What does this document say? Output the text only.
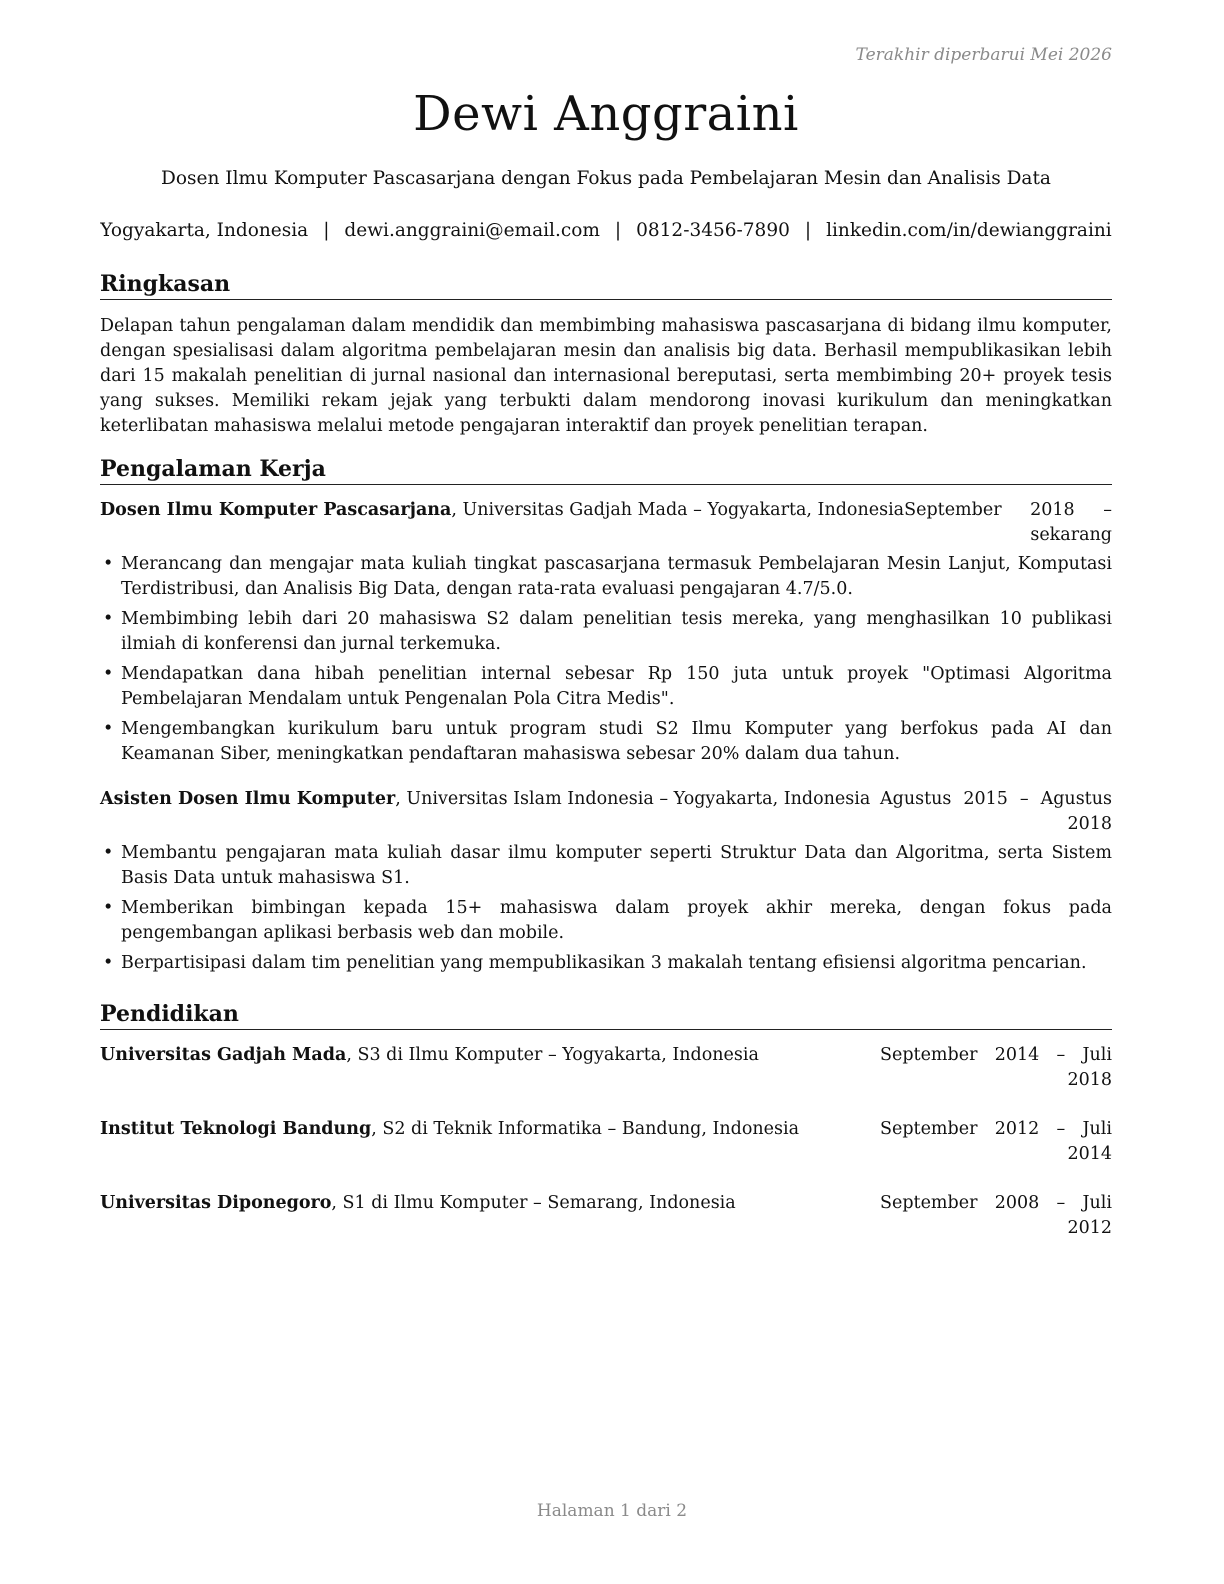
Terakhir diperbarui Mei 2026
Dewi Anggraini
Dosen Ilmu Komputer Pascasarjana dengan Fokus pada Pembelajaran Mesin dan Analisis Data
Yogyakarta, Indonesia | dewi.anggraini@email.com | 0812-3456-7890 | linkedin.com/in/dewianggraini
Ringkasan
Delapan tahun pengalaman dalam mendidik dan membimbing mahasiswa pascasarjana di bidang ilmu komputer, dengan spesialisasi dalam algoritma pembelajaran mesin dan analisis big data. Berhasil mempublikasikan lebih dari 15 makalah penelitian di jurnal nasional dan internasional bereputasi, serta membimbing 20+ proyek tesis yang sukses. Memiliki rekam jejak yang terbukti dalam mendorong inovasi kurikulum dan meningkatkan keterlibatan mahasiswa melalui metode pengajaran interaktif dan proyek penelitian terapan.
Pengalaman Kerja
Dosen Ilmu Komputer Pascasarjana, Universitas Gadjah Mada – Yogyakarta, Indonesia September 2018 –
sekarang
• Merancang dan mengajar mata kuliah tingkat pascasarjana termasuk Pembelajaran Mesin Lanjut, Komputasi Terdistribusi, dan Analisis Big Data, dengan rata-rata evaluasi pengajaran 4.7/5.0.
• Membimbing lebih dari 20 mahasiswa S2 dalam penelitian tesis mereka, yang menghasilkan 10 publikasi ilmiah di konferensi dan jurnal terkemuka.
• Mendapatkan dana hibah penelitian internal sebesar Rp 150 juta untuk proyek "Optimasi Algoritma Pembelajaran Mendalam untuk Pengenalan Pola Citra Medis".
• Mengembangkan kurikulum baru untuk program studi S2 Ilmu Komputer yang berfokus pada AI dan Keamanan Siber, meningkatkan pendaftaran mahasiswa sebesar 20% dalam dua tahun.
Asisten Dosen Ilmu Komputer, Universitas Islam Indonesia – Yogyakarta, Indonesia Agustus 2015 – Agustus
2018
• Membantu pengajaran mata kuliah dasar ilmu komputer seperti Struktur Data dan Algoritma, serta Sistem Basis Data untuk mahasiswa S1.
• Memberikan bimbingan kepada 15+ mahasiswa dalam proyek akhir mereka, dengan fokus pada pengembangan aplikasi berbasis web dan mobile.
• Berpartisipasi dalam tim penelitian yang mempublikasikan 3 makalah tentang efisiensi algoritma pencarian.
Pendidikan
Universitas Gadjah Mada, S3 di Ilmu Komputer – Yogyakarta, Indonesia	September 2014 – Juli
2018
Institut Teknologi Bandung, S2 di Teknik Informatika – Bandung, Indonesia	September 2012 – Juli
2014
Universitas Diponegoro, S1 di Ilmu Komputer – Semarang, Indonesia	September 2008 – Juli
2012
Halaman 1 dari 2
